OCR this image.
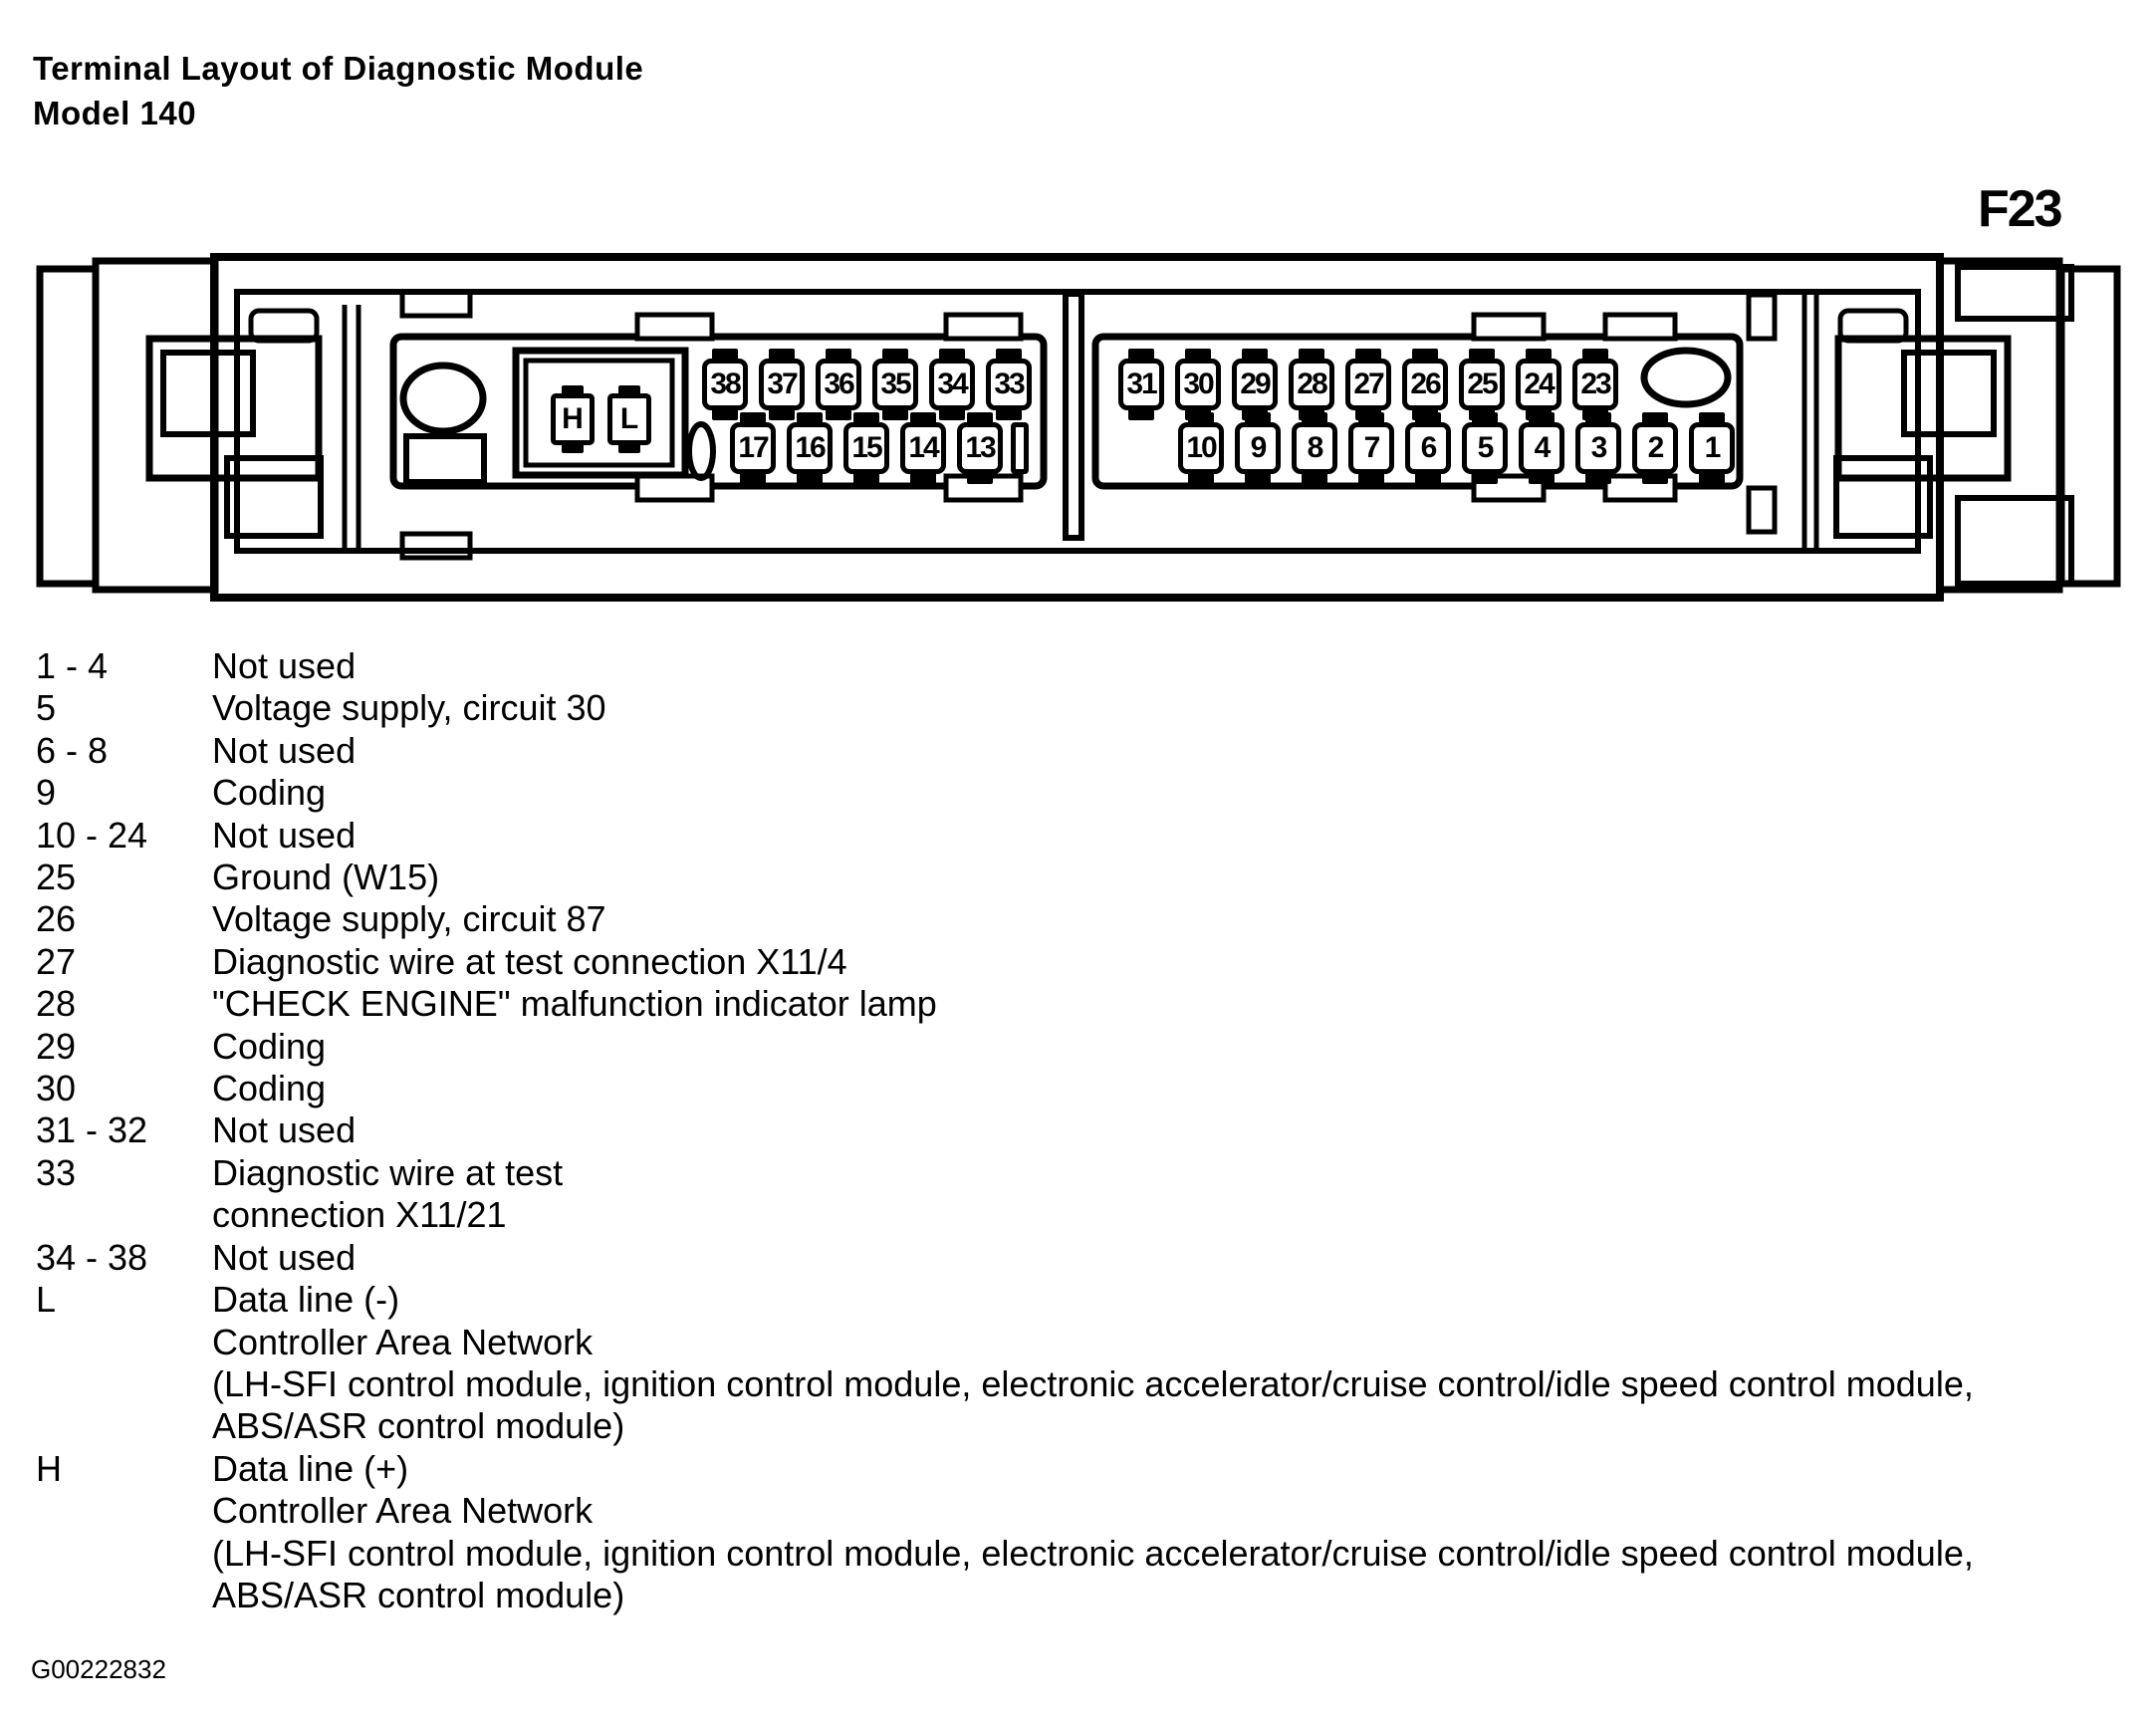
Terminal Layout of Diagnostic Module
Model 140
F23
H	L
38 37 36 35 34 33
17 16 15 14 13
31 30 29 28 27 26 25 24 23
10	9	8	7	6	5	4	3	2	1
1 - 4	Not used
5	Voltage supply, circuit 30
6 - 8	Not used
9	Coding
10 - 24	Not used
25	Ground (W15)
26	Voltage supply, circuit 87
27	Diagnostic wire at test connection X11/4
28	"CHECK ENGINE" malfunction indicator lamp
29	Coding
30	Coding
31 - 32	Not used
33	Diagnostic wire at test
connection X11/21
34 - 38	Not used
L	Data line (-)
Controller Area Network
(LH-SFI control module, ignition control module, electronic accelerator/cruise control/idle speed control module,
ABS/ASR control module)
H	Data line (+)
Controller Area Network
(LH-SFI control module, ignition control module, electronic accelerator/cruise control/idle speed control module,
ABS/ASR control module)
G00222832
